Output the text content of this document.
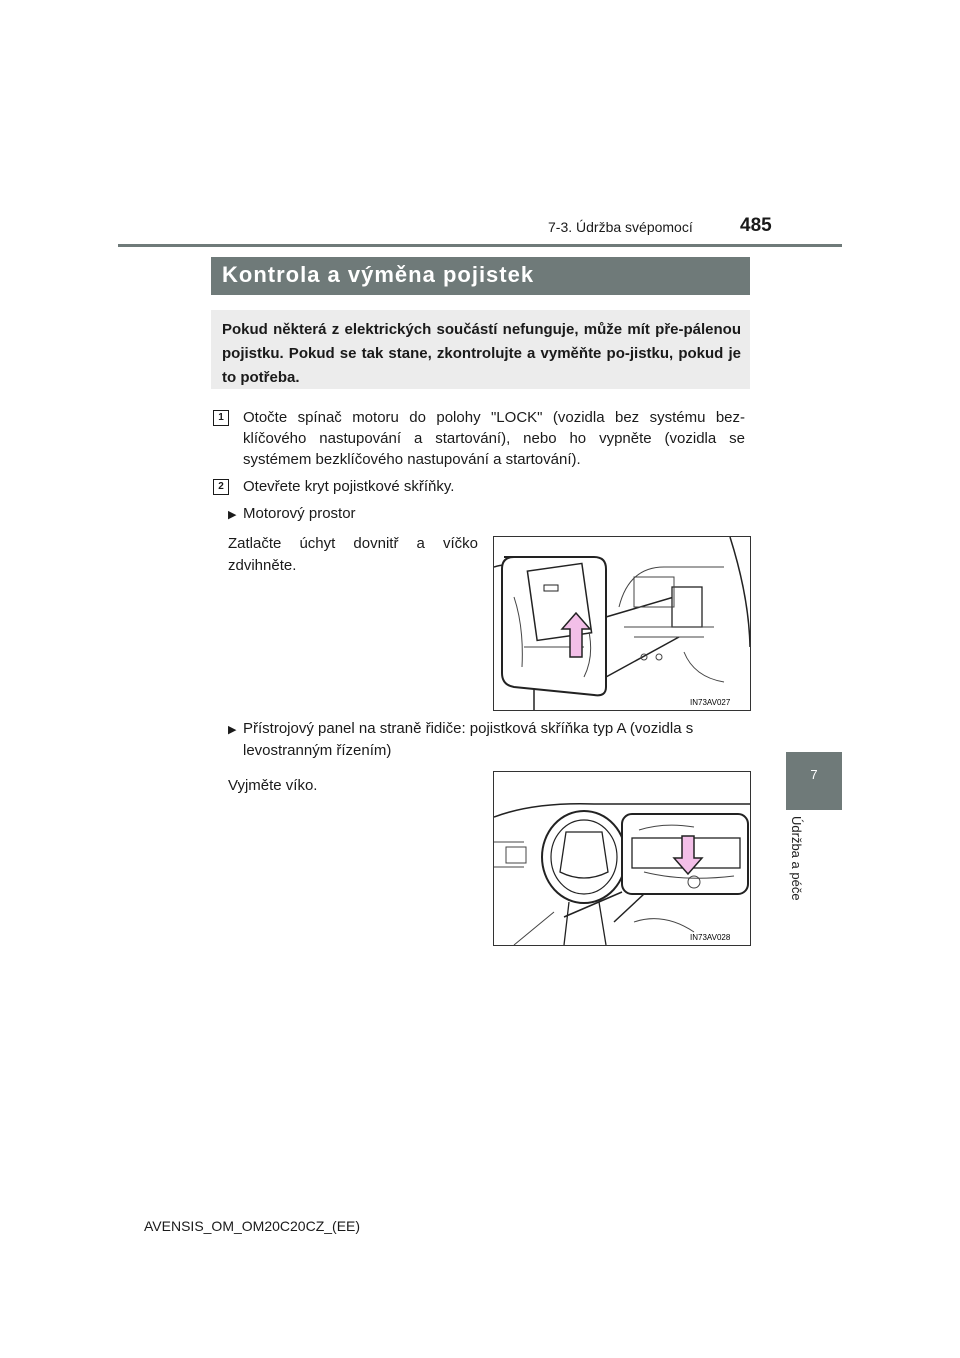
7-3. Údržba svépomocí 485
Kontrola a výměna pojistek
Pokud některá z elektrických součástí nefunguje, může mít pře-pálenou pojistku. Pokud se tak stane, zkontrolujte a vyměňte po-jistku, pokud je to potřeba.
1	Otočte spínač motoru do polohy "LOCK" (vozidla bez systému bez-klíčového nastupování a startování), nebo ho vypněte (vozidla se systémem bezklíčového nastupování a startování).
2	Otevřete kryt pojistkové skříňky.
▶ Motorový prostor
Zatlačte úchyt dovnitř a víčko zdvihněte.
IN73AV027
▶ Přístrojový panel na straně řidiče: pojistková skříňka typ A (vozidla s levostranným řízením)
Vyjměte víko.
IN73AV028
7
Údržba a péče
AVENSIS_OM_OM20C20CZ_(EE)
